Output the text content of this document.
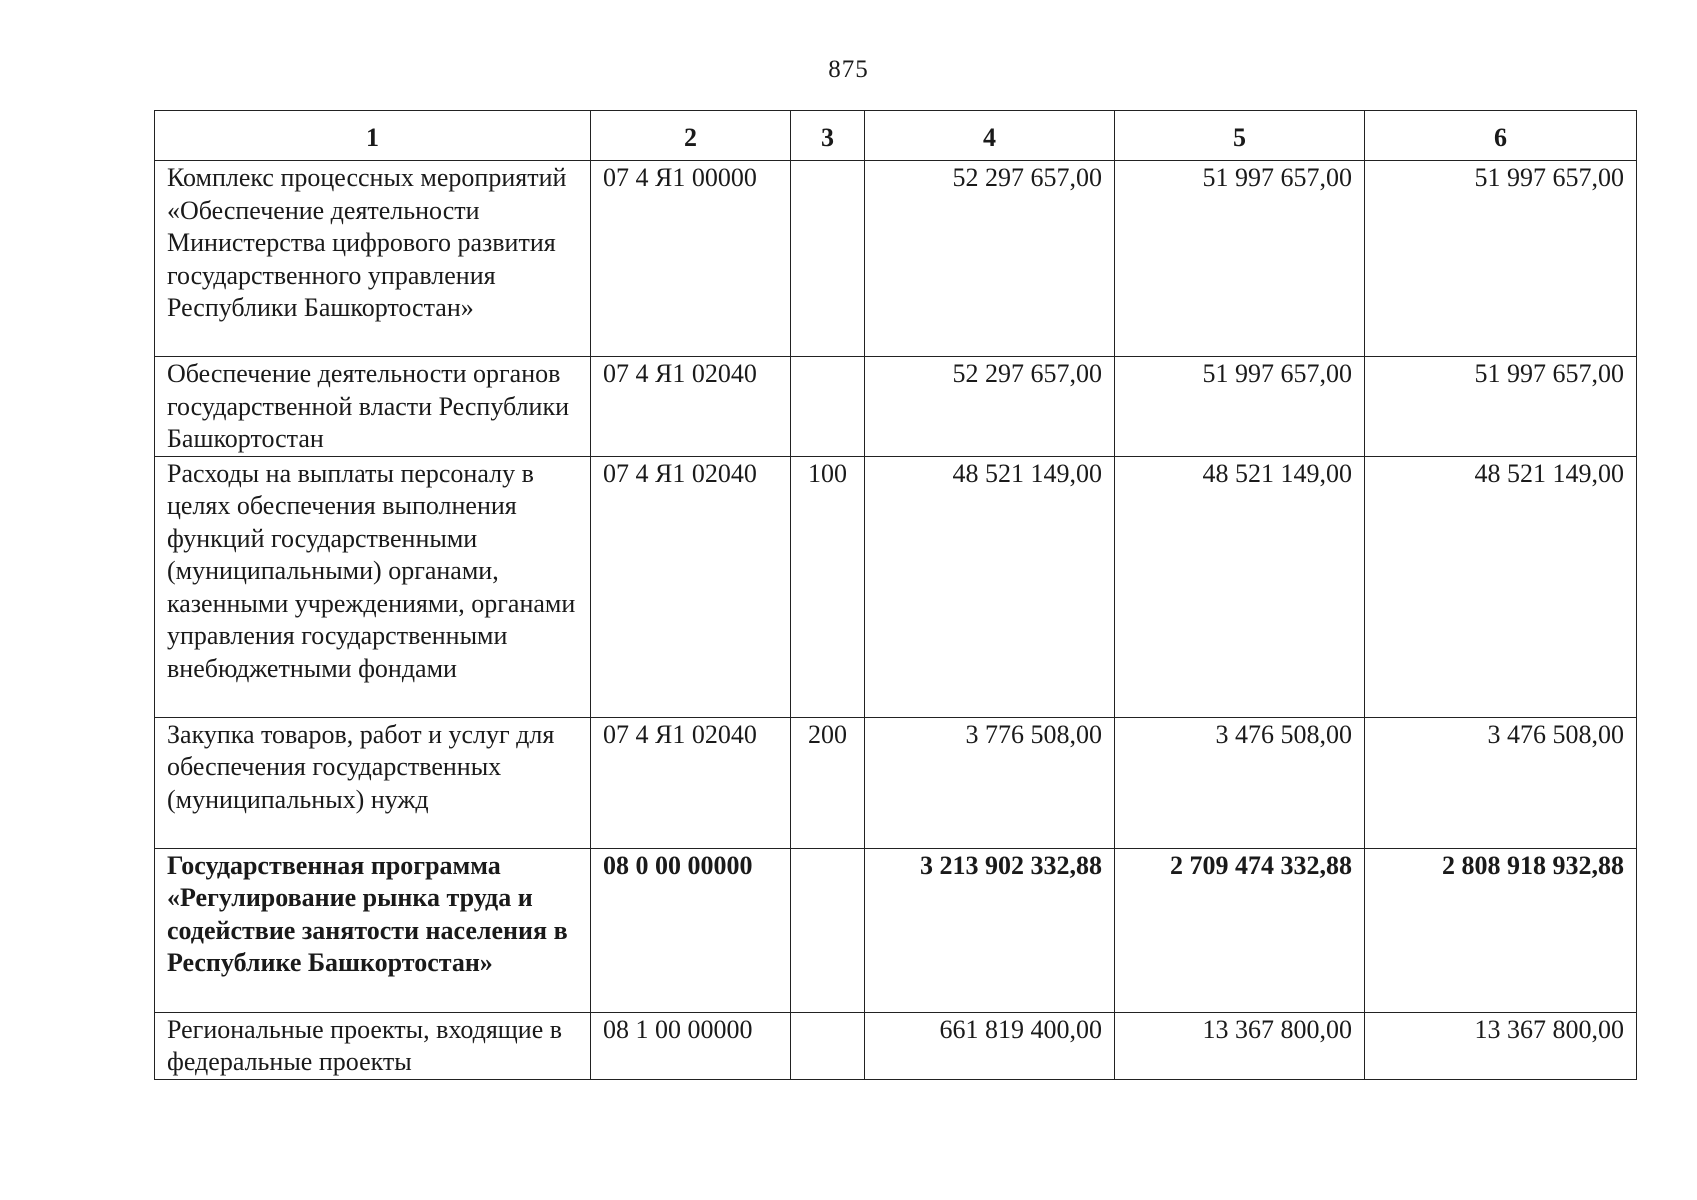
875
1	2	3	4	5	6
Комплекс процессных мероприятий «Обеспечение деятельности Министерства цифрового развития государственного управления Республики Башкортостан»	07 4 Я1 00000		52 297 657,00	51 997 657,00	51 997 657,00
Обеспечение деятельности органов государственной власти Республики Башкортостан	07 4 Я1 02040		52 297 657,00	51 997 657,00	51 997 657,00
Расходы на выплаты персоналу в целях обеспечения выполнения функций государственными (муниципальными) органами, казенными учреждениями, органами управления государственными внебюджетными фондами	07 4 Я1 02040	100	48 521 149,00	48 521 149,00	48 521 149,00
Закупка товаров, работ и услуг для обеспечения государственных (муниципальных) нужд	07 4 Я1 02040	200	3 776 508,00	3 476 508,00	3 476 508,00
Государственная программа «Регулирование рынка труда и содействие занятости населения в Республике Башкортостан»	08 0 00 00000		3 213 902 332,88	2 709 474 332,88	2 808 918 932,88
Региональные проекты, входящие в федеральные проекты	08 1 00 00000		661 819 400,00	13 367 800,00	13 367 800,00
